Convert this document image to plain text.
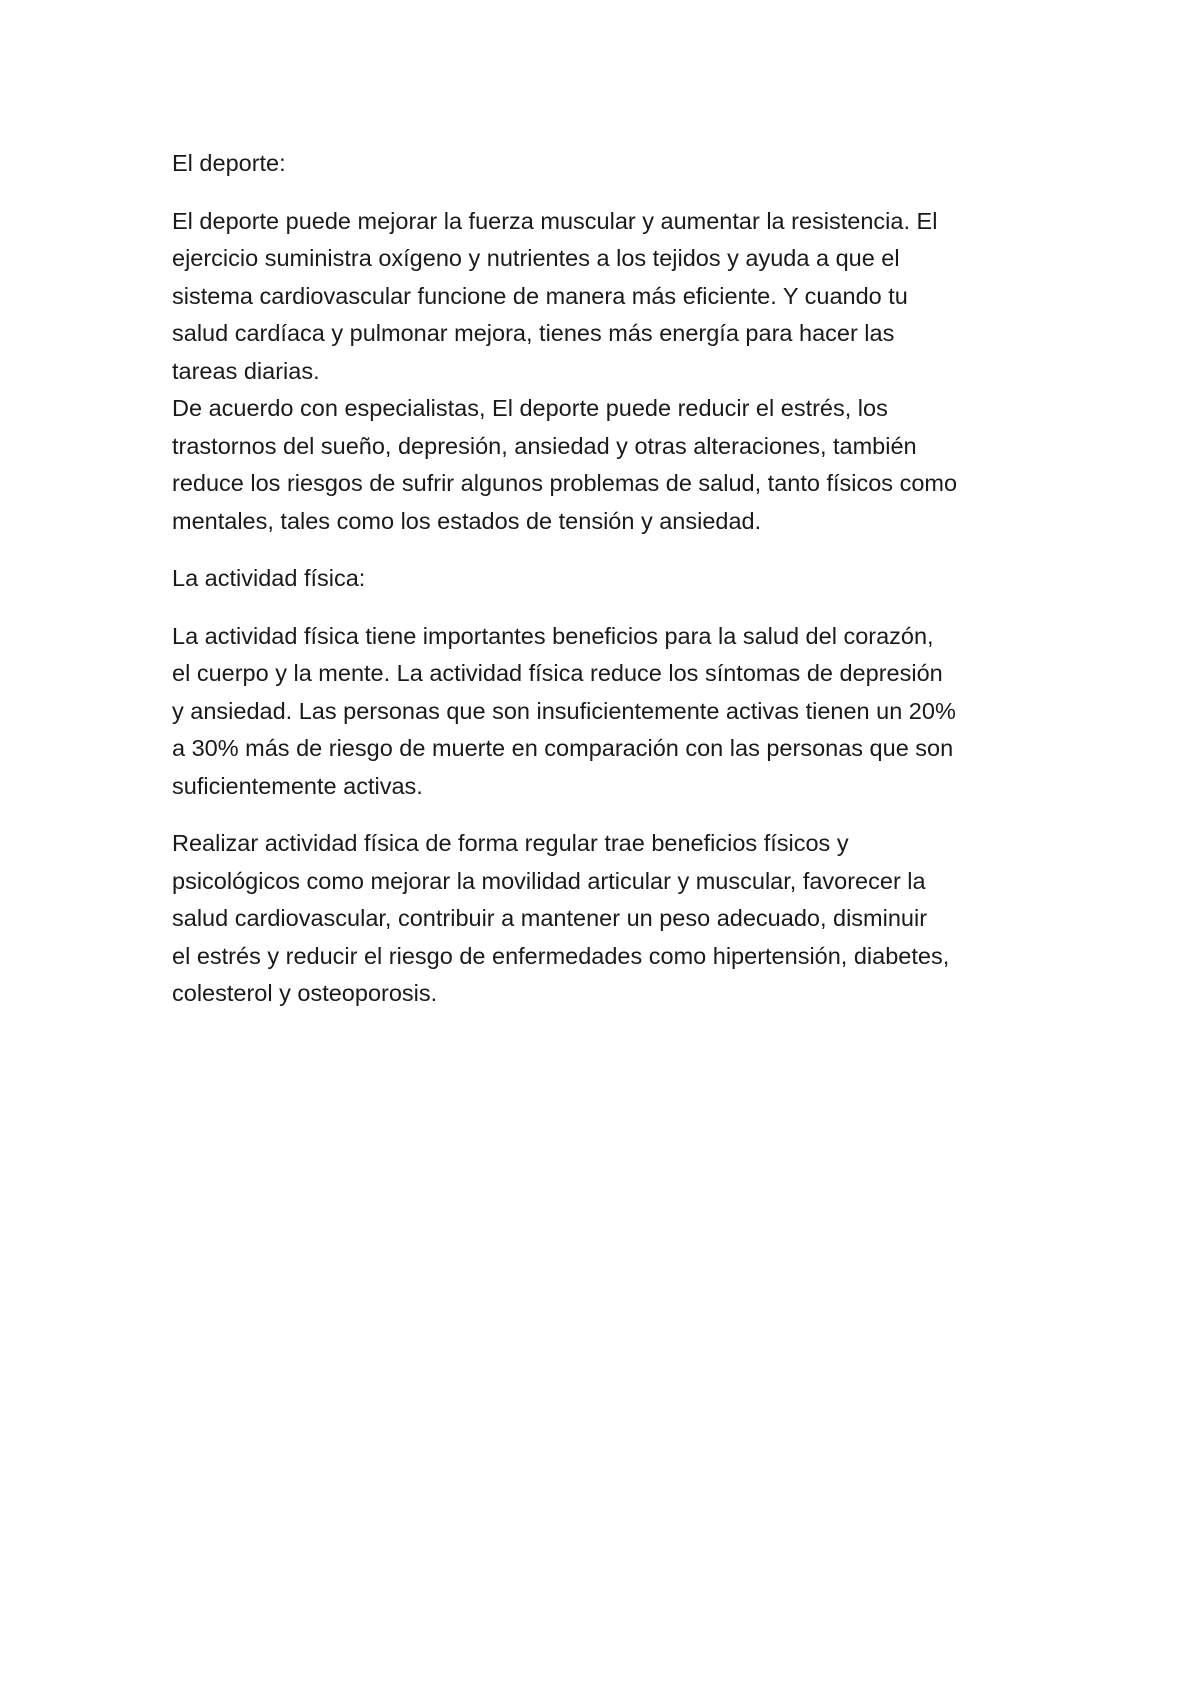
El deporte:
El deporte puede mejorar la fuerza muscular y aumentar la resistencia. El
ejercicio suministra oxígeno y nutrientes a los tejidos y ayuda a que el
sistema cardiovascular funcione de manera más eficiente. Y cuando tu
salud cardíaca y pulmonar mejora, tienes más energía para hacer las
tareas diarias.
De acuerdo con especialistas, El deporte puede reducir el estrés, los
trastornos del sueño, depresión, ansiedad y otras alteraciones, también
reduce los riesgos de sufrir algunos problemas de salud, tanto físicos como
mentales, tales como los estados de tensión y ansiedad.
La actividad física:
La actividad física tiene importantes beneficios para la salud del corazón,
el cuerpo y la mente. La actividad física reduce los síntomas de depresión
y ansiedad. Las personas que son insuficientemente activas tienen un 20%
a 30% más de riesgo de muerte en comparación con las personas que son
suficientemente activas.
Realizar actividad física de forma regular trae beneficios físicos y
psicológicos como mejorar la movilidad articular y muscular, favorecer la
salud cardiovascular, contribuir a mantener un peso adecuado, disminuir
el estrés y reducir el riesgo de enfermedades como hipertensión, diabetes,
colesterol y osteoporosis.
